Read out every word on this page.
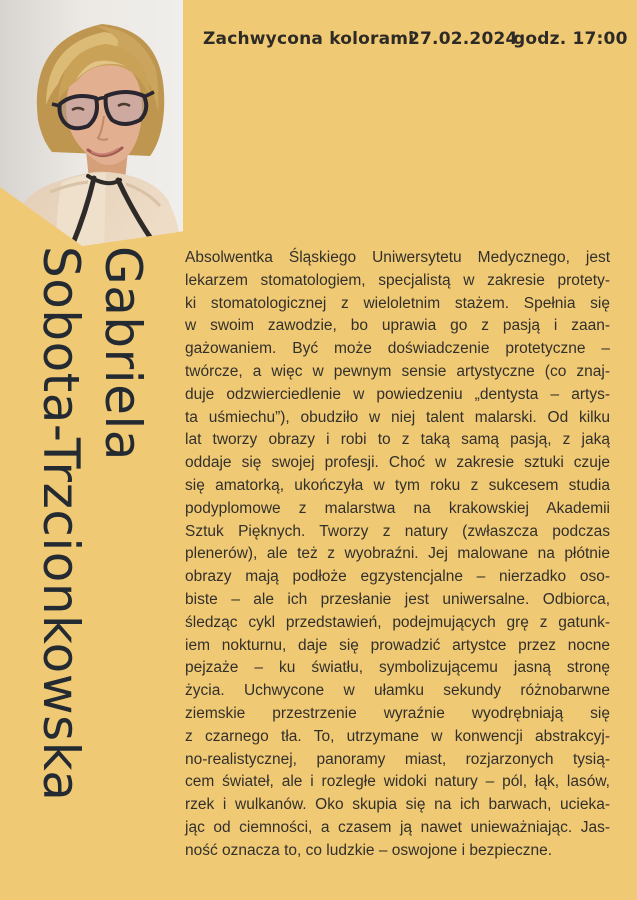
Zachwycona kolorami
27.02.2024
godz. 17:00
Gabriela
Sobota-Trzcionkowska	Absolwentka Śląskiego Uniwersytetu Medycznego, jest
lekarzem stomatologiem, specjalistą w zakresie protety-
ki stomatologicznej z wieloletnim stażem. Spełnia się
w swoim zawodzie, bo uprawia go z pasją i zaan-
gażowaniem. Być może doświadczenie protetyczne –
twórcze, a więc w pewnym sensie artystyczne (co znaj-
duje odzwierciedlenie w powiedzeniu „dentysta – artys-
ta uśmiechu”), obudziło w niej talent malarski. Od kilku
lat tworzy obrazy i robi to z taką samą pasją, z jaką
oddaje się swojej profesji. Choć w zakresie sztuki czuje
się amatorką, ukończyła w tym roku z sukcesem studia
podyplomowe z malarstwa na krakowskiej Akademii
Sztuk Pięknych. Tworzy z natury (zwłaszcza podczas
plenerów), ale też z wyobraźni. Jej malowane na płótnie
obrazy mają podłoże egzystencjalne – nierzadko oso-
biste – ale ich przesłanie jest uniwersalne. Odbiorca,
śledząc cykl przedstawień, podejmujących grę z gatunk-
iem nokturnu, daje się prowadzić artystce przez nocne
pejzaże – ku światłu, symbolizującemu jasną stronę
życia. Uchwycone w ułamku sekundy różnobarwne
ziemskie przestrzenie wyraźnie wyodrębniają się
z czarnego tła. To, utrzymane w konwencji abstrakcyj-
no-realistycznej, panoramy miast, rozjarzonych tysią-
cem świateł, ale i rozległe widoki natury – pól, łąk, lasów,
rzek i wulkanów. Oko skupia się na ich barwach, ucieka-
jąc od ciemności, a czasem ją nawet unieważniając. Jas-
ność oznacza to, co ludzkie – oswojone i bezpieczne.
